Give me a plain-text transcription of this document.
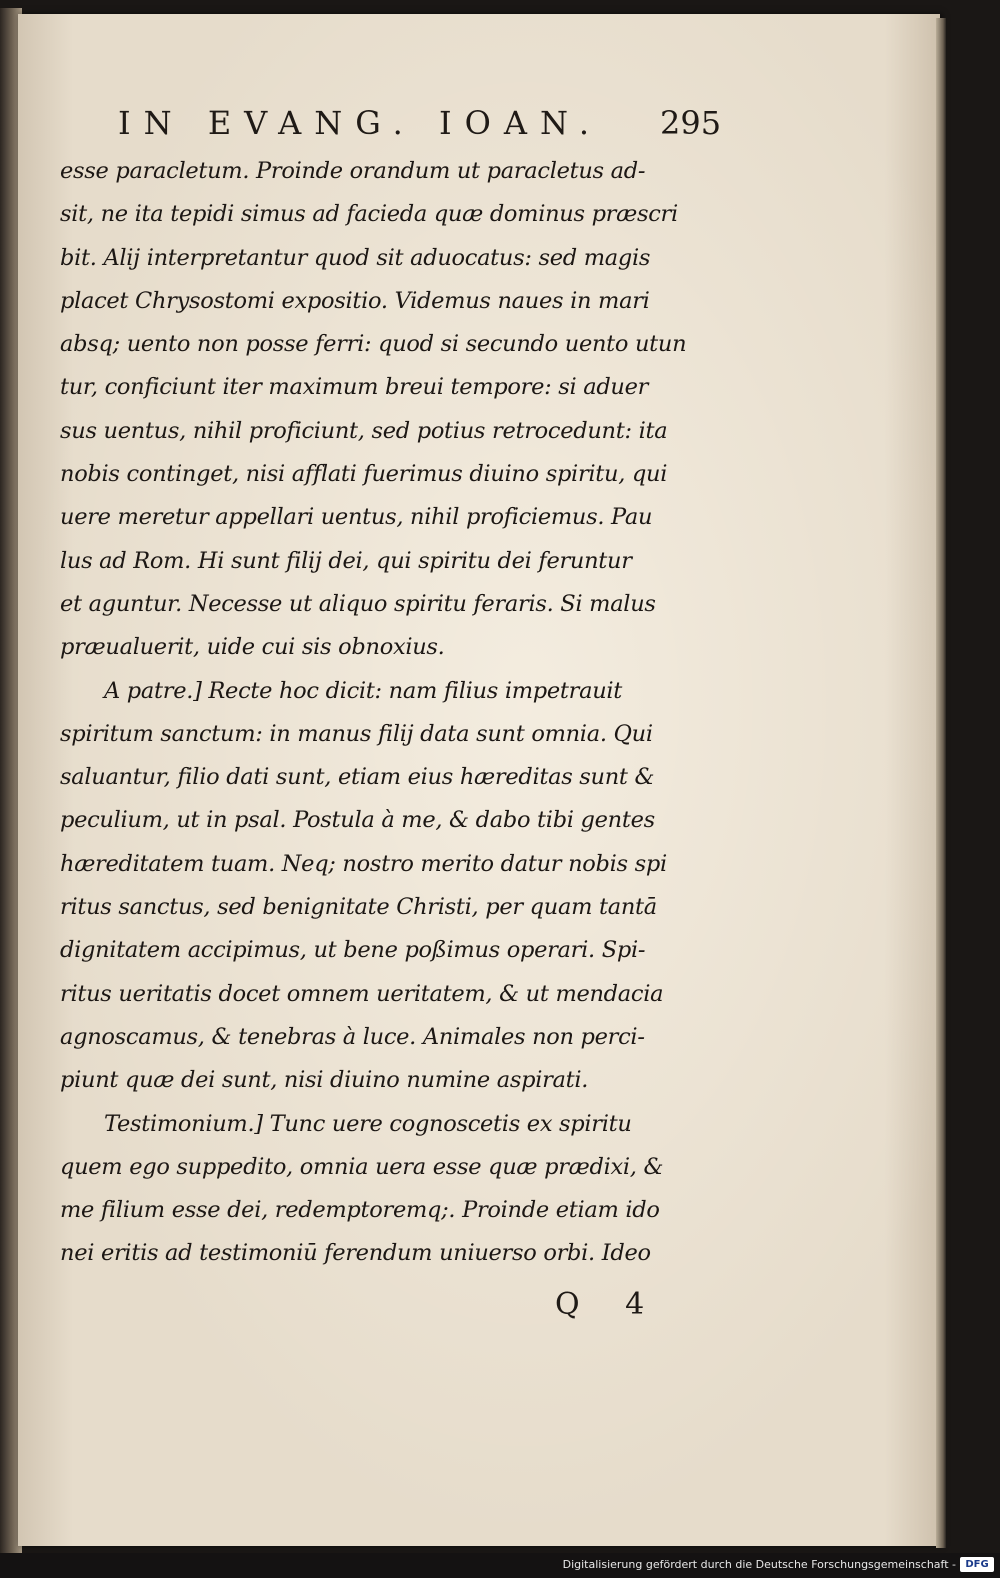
IN EVANG. IOAN.	295
esse paracletum. Proinde orandum ut paracletus ad-
sit, ne ita tepidi simus ad facieda quæ dominus præscri
bit. Alij interpretantur quod sit aduocatus: sed magis
placet Chrysostomi expositio. Videmus naues in mari
absq; uento non posse ferri: quod si secundo uento utun
tur, conficiunt iter maximum breui tempore: si aduer
sus uentus, nihil proficiunt, sed potius retrocedunt: ita
nobis continget, nisi afflati fuerimus diuino spiritu, qui
uere meretur appellari uentus, nihil proficiemus. Pau
lus ad Rom. Hi sunt filij dei, qui spiritu dei feruntur
et aguntur. Necesse ut aliquo spiritu feraris. Si malus
præualuerit, uide cui sis obnoxius.
A patre.] Recte hoc dicit: nam filius impetrauit
spiritum sanctum: in manus filij data sunt omnia. Qui
saluantur, filio dati sunt, etiam eius hæreditas sunt &
peculium, ut in psal. Postula à me, & dabo tibi gentes
hæreditatem tuam. Neq; nostro merito datur nobis spi
ritus sanctus, sed benignitate Christi, per quam tantā
dignitatem accipimus, ut bene poßimus operari. Spi-
ritus ueritatis docet omnem ueritatem, & ut mendacia
agnoscamus, & tenebras à luce. Animales non perci-
piunt quæ dei sunt, nisi diuino numine aspirati.
Testimonium.] Tunc uere cognoscetis ex spiritu
quem ego suppedito, omnia uera esse quæ prædixi, &
me filium esse dei, redemptoremq;. Proinde etiam ido
nei eritis ad testimoniū ferendum uniuerso orbi. Ideo
Q 4
Digitalisierung gefördert durch die Deutsche Forschungsgemeinschaft - DFG
